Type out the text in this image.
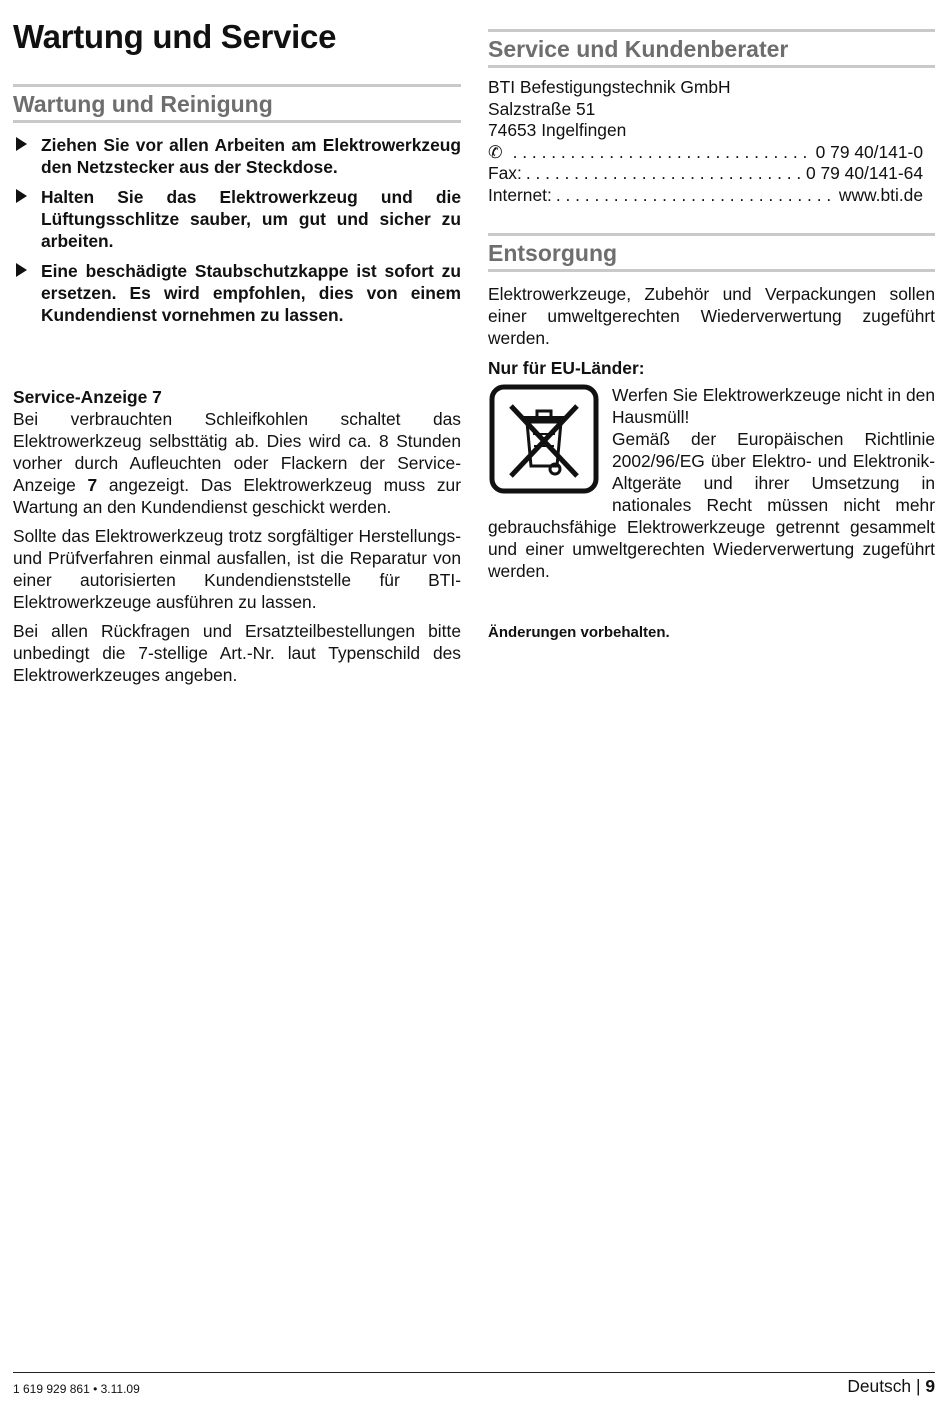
Wartung und Service
Wartung und Reinigung

Ziehen Sie vor allen Arbeiten am Elektrowerkzeug den Netzstecker aus der Steckdose.

Halten Sie das Elektrowerkzeug und die Lüftungsschlitze sauber, um gut und sicher zu arbeiten.

Eine beschädigte Staubschutzkappe ist sofort zu ersetzen. Es wird empfohlen, dies von einem Kundendienst vornehmen zu lassen.

Service-Anzeige 7

Bei verbrauchten Schleifkohlen schaltet das Elektrowerkzeug selbsttätig ab. Dies wird ca. 8 Stunden vorher durch Aufleuchten oder Flackern der Service-Anzeige 7 angezeigt. Das Elektrowerkzeug muss zur Wartung an den Kundendienst geschickt werden.

Sollte das Elektrowerkzeug trotz sorgfältiger Herstellungs- und Prüfverfahren einmal ausfallen, ist die Reparatur von einer autorisierten Kundendienststelle für BTI-Elektrowerkzeuge ausführen zu lassen.

Bei allen Rückfragen und Ersatzteilbestellungen bitte unbedingt die 7-stellige Art.-Nr. laut Typenschild des Elektrowerkzeuges angeben.

Service und Kundenberater
BTI Befestigungstechnik GmbH
Salzstraße 51
74653 Ingelfingen
✆ . . .	0 79 40/141-0
Fax: . . .	0 79 40/141-64
Internet: . . .	www.bti.de
Entsorgung

Elektrowerkzeuge, Zubehör und Verpackungen sollen einer umweltgerechten Wiederverwertung zugeführt werden.

Nur für EU-Länder:

Werfen Sie Elektrowerkzeuge nicht in den Hausmüll!

Gemäß der Europäischen Richtlinie 2002/96/EG über Elektro- und Elektronik-Altgeräte und ihrer Umsetzung in nationales Recht müssen nicht mehr gebrauchsfähige Elektrowerkzeuge getrennt gesammelt und einer umweltgerechten Wiederverwertung zugeführt werden.

Änderungen vorbehalten.

1 619 929 861 • 3.11.09	Deutsch | 9
